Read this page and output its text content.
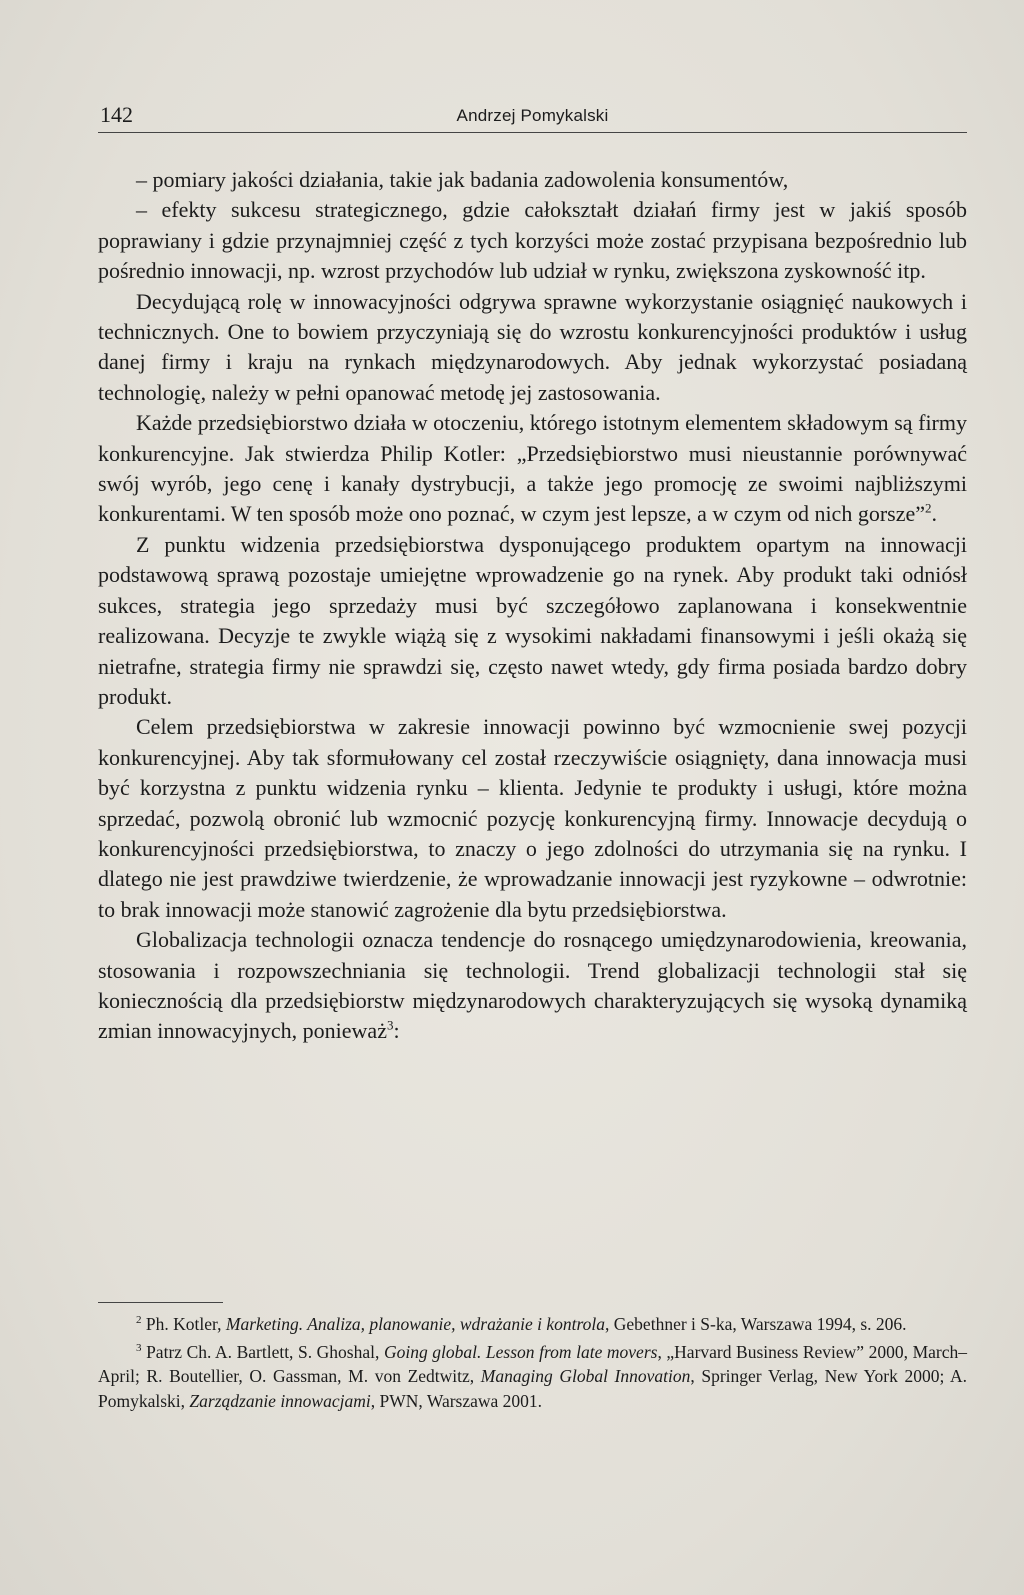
142	Andrzej Pomykalski

– pomiary jakości działania, takie jak badania zadowolenia konsumentów,

– efekty sukcesu strategicznego, gdzie całokształt działań firmy jest w jakiś sposób poprawiany i gdzie przynajmniej część z tych korzyści może zostać przypisana bezpośrednio lub pośrednio innowacji, np. wzrost przychodów lub udział w rynku, zwiększona zyskowność itp.

Decydującą rolę w innowacyjności odgrywa sprawne wykorzystanie osiągnięć naukowych i technicznych. One to bowiem przyczyniają się do wzrostu konkurencyjności produktów i usług danej firmy i kraju na rynkach międzynarodowych. Aby jednak wykorzystać posiadaną technologię, należy w pełni opanować metodę jej zastosowania.

Każde przedsiębiorstwo działa w otoczeniu, którego istotnym elementem składowym są firmy konkurencyjne. Jak stwierdza Philip Kotler: „Przedsiębiorstwo musi nieustannie porównywać swój wyrób, jego cenę i kanały dystrybucji, a także jego promocję ze swoimi najbliższymi konkurentami. W ten sposób może ono poznać, w czym jest lepsze, a w czym od nich gorsze”$^2$.

Z punktu widzenia przedsiębiorstwa dysponującego produktem opartym na innowacji podstawową sprawą pozostaje umiejętne wprowadzenie go na rynek. Aby produkt taki odniósł sukces, strategia jego sprzedaży musi być szczegółowo zaplanowana i konsekwentnie realizowana. Decyzje te zwykle wiążą się z wysokimi nakładami finansowymi i jeśli okażą się nietrafne, strategia firmy nie sprawdzi się, często nawet wtedy, gdy firma posiada bardzo dobry produkt.

Celem przedsiębiorstwa w zakresie innowacji powinno być wzmocnienie swej pozycji konkurencyjnej. Aby tak sformułowany cel został rzeczywiście osiągnięty, dana innowacja musi być korzystna z punktu widzenia rynku – klienta. Jedynie te produkty i usługi, które można sprzedać, pozwolą obronić lub wzmocnić pozycję konkurencyjną firmy. Innowacje decydują o konkurencyjności przedsiębiorstwa, to znaczy o jego zdolności do utrzymania się na rynku. I dlatego nie jest prawdziwe twierdzenie, że wprowadzanie innowacji jest ryzykowne – odwrotnie: to brak innowacji może stanowić zagrożenie dla bytu przedsiębiorstwa.

Globalizacja technologii oznacza tendencje do rosnącego umiędzynarodowienia, kreowania, stosowania i rozpowszechniania się technologii. Trend globalizacji technologii stał się koniecznością dla przedsiębiorstw międzynarodowych charakteryzujących się wysoką dynamiką zmian innowacyjnych, ponieważ$^3$:

$^2$ Ph. Kotler, Marketing. Analiza, planowanie, wdrażanie i kontrola, Gebethner i S-ka, Warszawa 1994, s. 206.

$^3$ Patrz Ch. A. Bartlett, S. Ghoshal, Going global. Lesson from late movers, „Harvard Business Review” 2000, March–April; R. Boutellier, O. Gassman, M. von Zedtwitz, Managing Global Innovation, Springer Verlag, New York 2000; A. Pomykalski, Zarządzanie innowacjami, PWN, Warszawa 2001.
